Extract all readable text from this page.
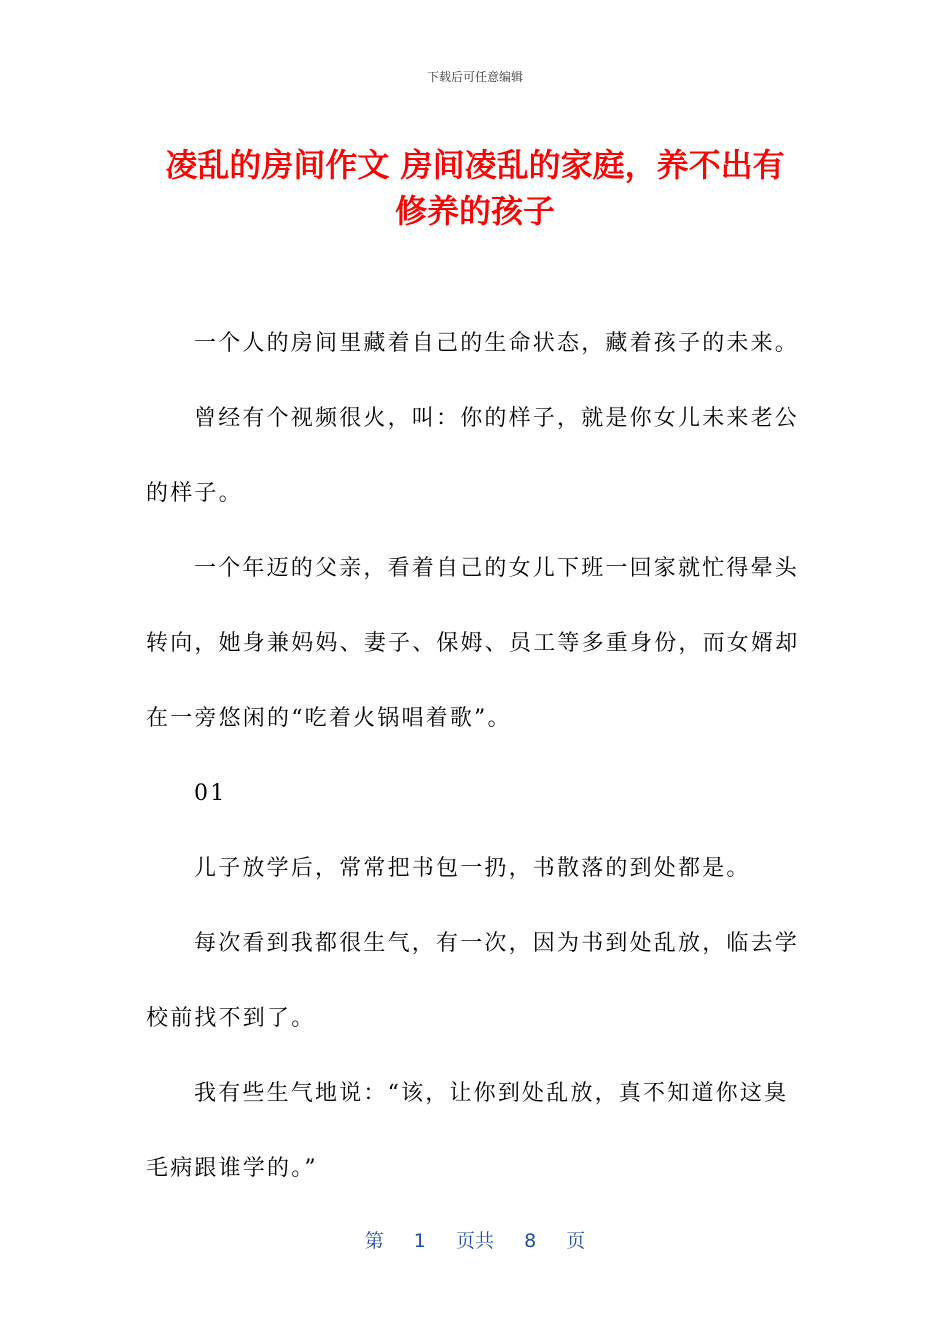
下载后可任意编辑
凌乱的房间作文 房间凌乱的家庭，养不出有
修养的孩子
一个人的房间里藏着自己的生命状态，藏着孩子的未来。
曾经有个视频很火，叫：你的样子，就是你女儿未来老公
的样子。
一个年迈的父亲，看着自己的女儿下班一回家就忙得晕头
转向，她身兼妈妈、妻子、保姆、员工等多重身份，而女婿却
在一旁悠闲的“吃着火锅唱着歌”。
01
儿子放学后，常常把书包一扔，书散落的到处都是。
每次看到我都很生气，有一次，因为书到处乱放，临去学
校前找不到了。
我有些生气地说：“该，让你到处乱放，真不知道你这臭
毛病跟谁学的。”
第 1 页共 8 页
